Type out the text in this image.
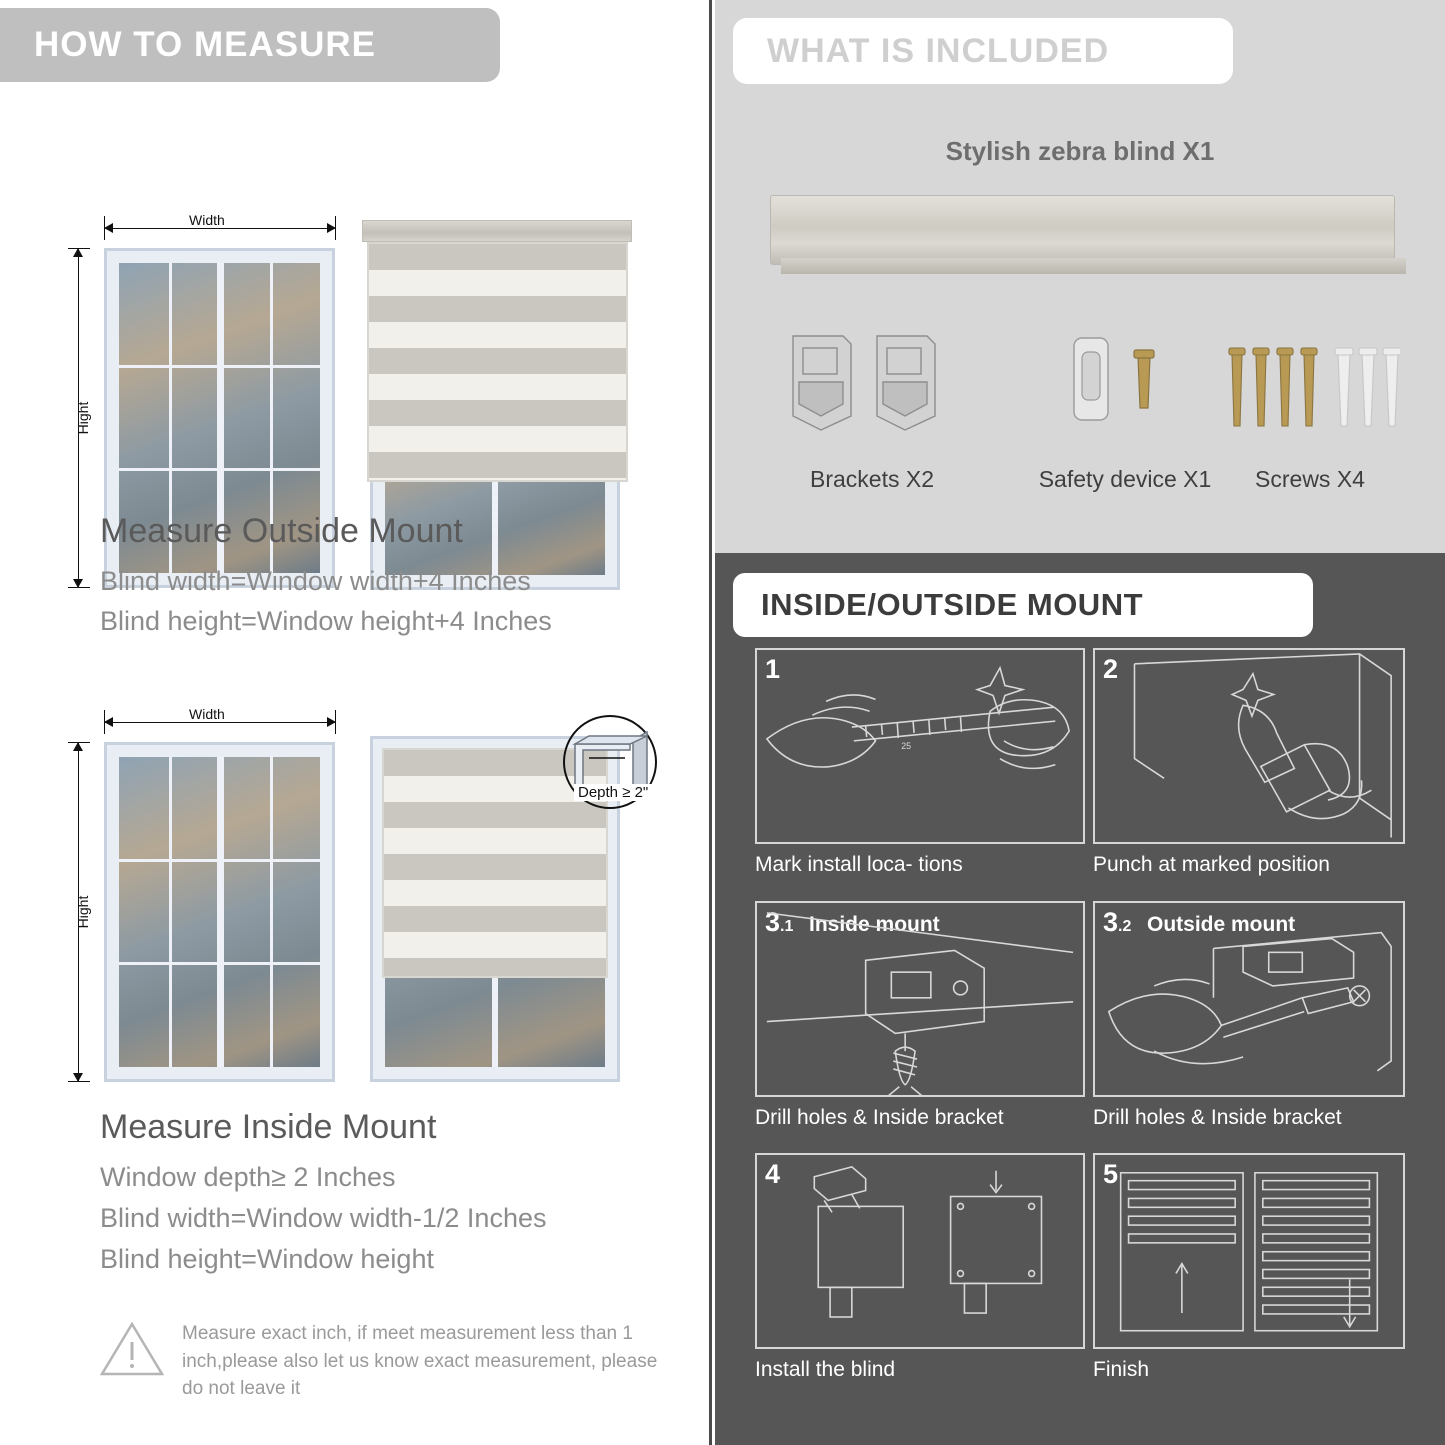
HOW TO MEASURE
Width
Hight
Measure Outside Mount
Blind width=Window width+4 Inches
Blind height=Window height+4 Inches
Width
Hight
Depth ≥ 2"
Measure Inside Mount
Window depth≥ 2 Inches
Blind width=Window width-1/2 Inches
Blind height=Window height
Measure exact inch, if meet measurement less than 1 inch,please also let us know exact measurement, please do not leave it
WHAT IS INCLUDED
Stylish zebra blind X1
Brackets X2	Safety device X1	Screws X4
INSIDE/OUTSIDE MOUNT
1
25
Mark install loca- tions
2
Punch at marked position
3.1 Inside mount
Drill holes & Inside bracket
3.2 Outside mount
Drill holes & Inside bracket
4
Install the blind
5
Finish
